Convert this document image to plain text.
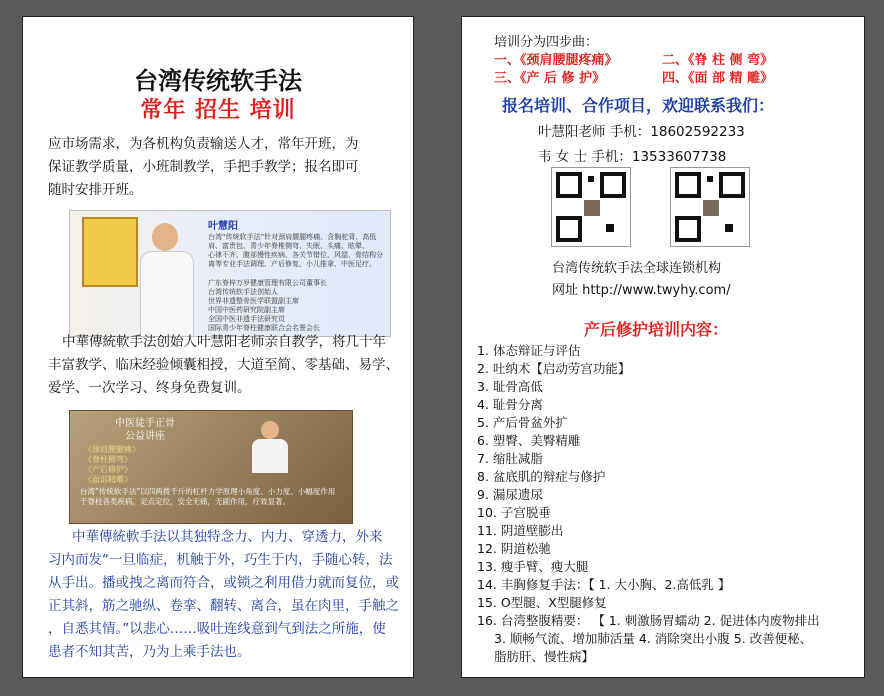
台湾传统软手法
常年 招生 培训
应市场需求，为各机构负责输送人才，常年开班，为
保证教学质量，小班制教学，手把手教学；报名即可
随时安排开班。
叶慧阳
台湾“传统软手法”针对颈肩腰腿疼痛、含胸驼背、高低
肩、富贵包、青少年脊椎侧弯、失眠、头痛、眩晕、
心律不齐、腹部慢性疾病、各关节错位、风湿、骨结构分
离等专业手法调理、产后修复、小儿推拿、中医足疗。
广东脊梓万岁健康管理有限公司董事长
台湾传统软手法创始人
世界非遗整骨医学联盟副主席
中国中医药研究院副主席
全国中医非遗手法研究员
国际青少年脊柱健康联合会名誉会长
中華傳統軟手法创始人叶慧阳老师亲自教学，将几十年
丰富教学、临床经验倾囊相授，大道至简、零基础、易学、
爱学、一次学习、终身免费复训。
中医徒手正骨
公益讲座
《颈肩腰腿痛》
《脊柱侧弯》
《产后修护》
《面部精雕》
台湾“传统软手法”以四两拨千斤的杠杆力学原理小角度、小力度、小幅度作用于脊柱各类疾病，定点定位，安全无痛，无副作用，疗效显著。
中華傳統軟手法以其独特念力、内力、穿透力，外来
习内而发“一旦临症，机触于外，巧生于内，手随心转，法
从手出。播或拽之离而符合，或锁之利用借力就而复位，或
正其斜，筋之驰纵、卷挛、翻转、离合，虽在肉里，手触之
，自悉其情。”以悲心……吸吐连线意到气到法之所施，使
患者不知其苦，乃为上乘手法也。
培训分为四步曲：
一、《颈肩腰腿疼痛》	二、《脊 柱 侧 弯》
三、《产 后 修 护》	四、《面 部 精 雕》
报名培训、合作项目，欢迎联系我们：
叶慧阳老师 手机：18602592233
韦 女 士 手机：13533607738
台湾传统软手法全球连锁机构
网址 http://www.twyhy.com/
产后修护培训内容：
1. 体态辩证与评估
2. 吐纳术【启动劳宫功能】
3. 耻骨高低
4. 耻骨分离
5. 产后骨盆外扩
6. 塑臀、美臀精雕
7. 缩肚减脂
8. 盆底肌的辩症与修护
9. 漏尿遗尿
10. 子宫脱垂
11. 阴道壁膨出
12. 阴道松驰
13. 瘦手臂、瘦大腿
14. 丰胸修复手法：【 1. 大小胸、2.高低乳 】
15. O型腿、X型腿修复
16. 台湾整腹精要： 【 1. 刺激肠胃蠕动 2. 促进体内废物排出
3. 顺畅气流、增加肺活量 4. 消除突出小腹 5. 改善便秘、
脂肪肝、慢性病】	脊祥万岁
